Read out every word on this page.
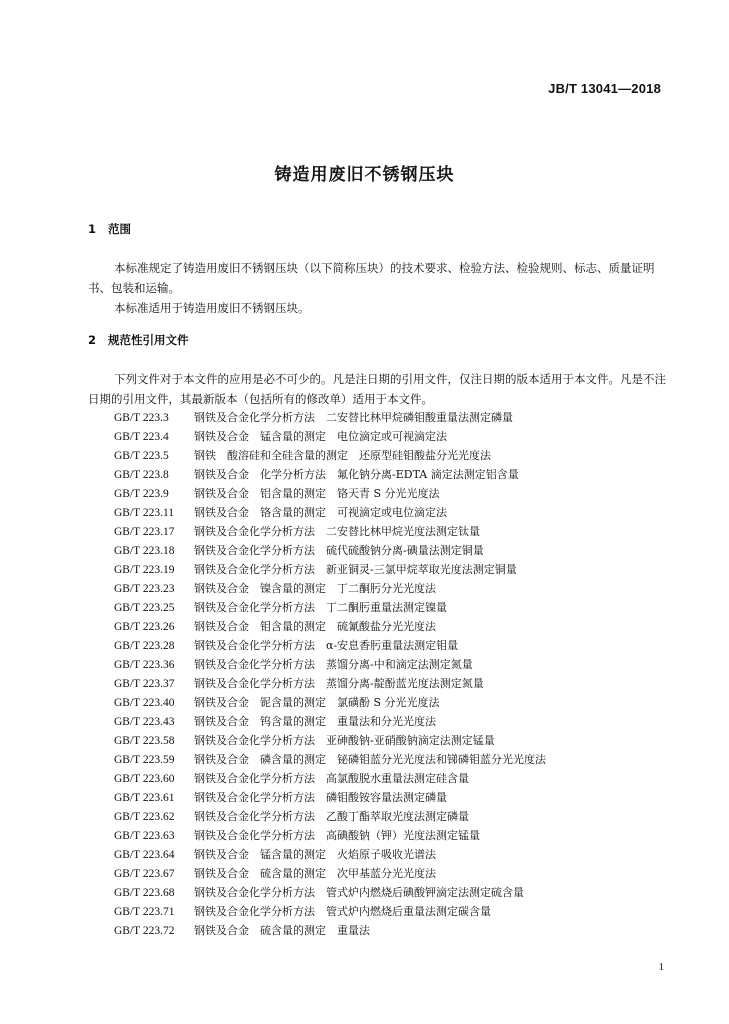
JB/T 13041—2018
铸造用废旧不锈钢压块
1 范围

本标准规定了铸造用废旧不锈钢压块（以下简称压块）的技术要求、检验方法、检验规则、标志、质量证明书、包装和运输。

本标准适用于铸造用废旧不锈钢压块。

2 规范性引用文件

下列文件对于本文件的应用是必不可少的。凡是注日期的引用文件，仅注日期的版本适用于本文件。凡是不注日期的引用文件，其最新版本（包括所有的修改单）适用于本文件。

GB/T 223.3 钢铁及合金化学分析方法　二安替比林甲烷磷钼酸重量法测定磷量
GB/T 223.4 钢铁及合金　锰含量的测定　电位滴定或可视滴定法
GB/T 223.5 钢铁　酸溶硅和全硅含量的测定　还原型硅钼酸盐分光光度法
GB/T 223.8 钢铁及合金　化学分析方法　氟化钠分离-EDTA 滴定法测定铝含量
GB/T 223.9 钢铁及合金　铝含量的测定　铬天青 S 分光光度法
GB/T 223.11 钢铁及合金　铬含量的测定　可视滴定或电位滴定法
GB/T 223.17 钢铁及合金化学分析方法　二安替比林甲烷光度法测定钛量
GB/T 223.18 钢铁及合金化学分析方法　硫代硫酸钠分离-碘量法测定铜量
GB/T 223.19 钢铁及合金化学分析方法　新亚铜灵-三氯甲烷萃取光度法测定铜量
GB/T 223.23 钢铁及合金　镍含量的测定　丁二酮肟分光光度法
GB/T 223.25 钢铁及合金化学分析方法　丁二酮肟重量法测定镍量
GB/T 223.26 钢铁及合金　钼含量的测定　硫氰酸盐分光光度法
GB/T 223.28 钢铁及合金化学分析方法　α-安息香肟重量法测定钼量
GB/T 223.36 钢铁及合金化学分析方法　蒸馏分离-中和滴定法测定氮量
GB/T 223.37 钢铁及合金化学分析方法　蒸馏分离-靛酚蓝光度法测定氮量
GB/T 223.40 钢铁及合金　铌含量的测定　氯磺酚 S 分光光度法
GB/T 223.43 钢铁及合金　钨含量的测定　重量法和分光光度法
GB/T 223.58 钢铁及合金化学分析方法　亚砷酸钠-亚硝酸钠滴定法测定锰量
GB/T 223.59 钢铁及合金　磷含量的测定　铋磷钼蓝分光光度法和锑磷钼蓝分光光度法
GB/T 223.60 钢铁及合金化学分析方法　高氯酸脱水重量法测定硅含量
GB/T 223.61 钢铁及合金化学分析方法　磷钼酸铵容量法测定磷量
GB/T 223.62 钢铁及合金化学分析方法　乙酸丁酯萃取光度法测定磷量
GB/T 223.63 钢铁及合金化学分析方法　高碘酸钠（钾）光度法测定锰量
GB/T 223.64 钢铁及合金　锰含量的测定　火焰原子吸收光谱法
GB/T 223.67 钢铁及合金　硫含量的测定　次甲基蓝分光光度法
GB/T 223.68 钢铁及合金化学分析方法　管式炉内燃烧后碘酸钾滴定法测定硫含量
GB/T 223.71 钢铁及合金化学分析方法　管式炉内燃烧后重量法测定碳含量
GB/T 223.72 钢铁及合金　硫含量的测定　重量法
1
